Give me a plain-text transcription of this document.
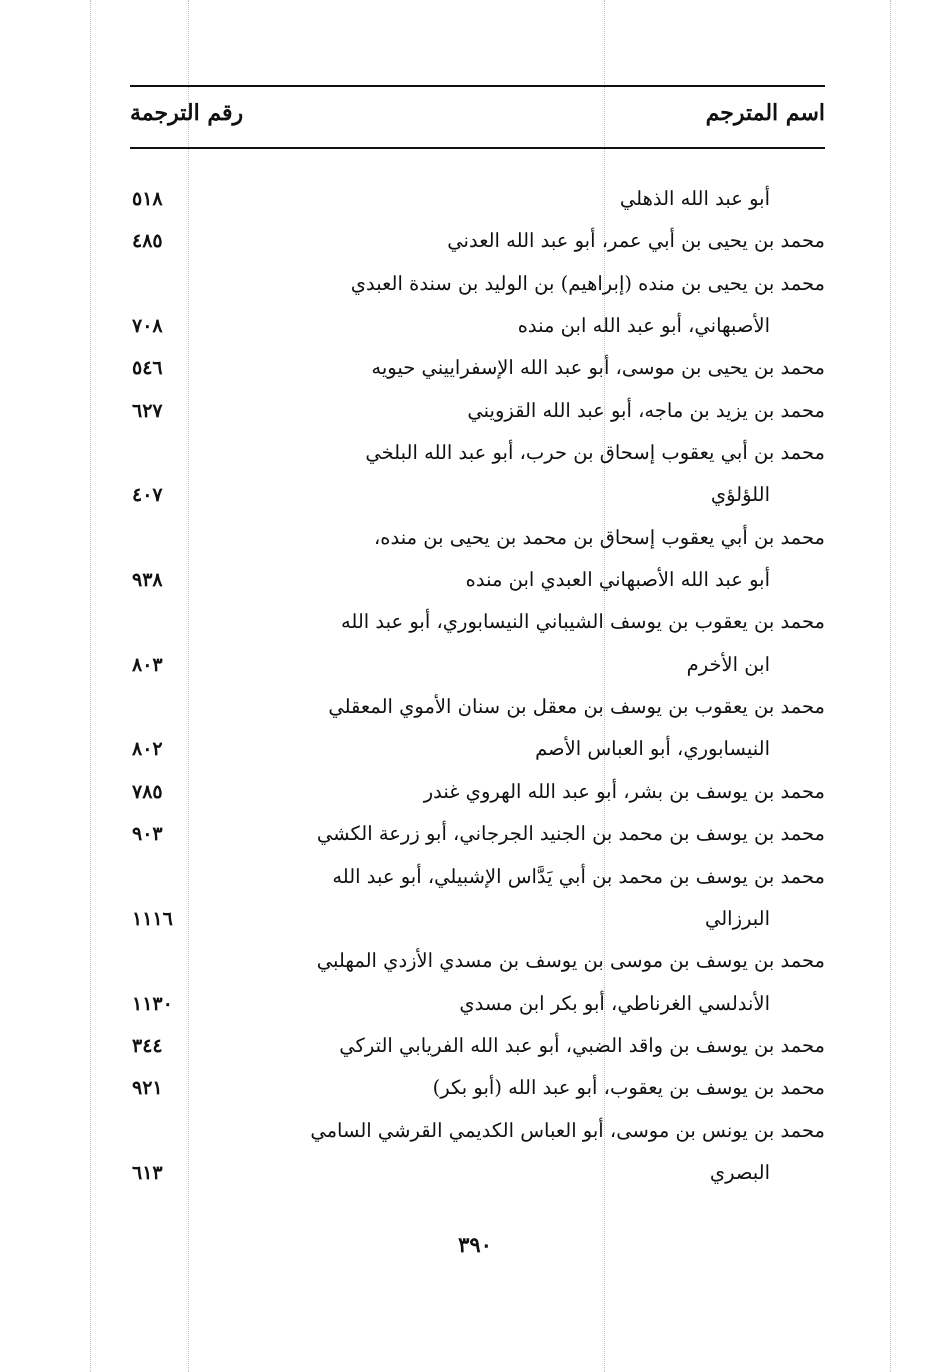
اسم المترجم
رقم الترجمة
أبو عبد الله الذهلي
٥١٨
محمد بن يحيى بن أبي عمر، أبو عبد الله العدني
٤٨٥
محمد بن يحيى بن منده (إبراهيم) بن الوليد بن سندة العبدي
الأصبهاني، أبو عبد الله ابن منده
٧٠٨
محمد بن يحيى بن موسى، أبو عبد الله الإسفراييني حيويه
٥٤٦
محمد بن يزيد بن ماجه، أبو عبد الله القزويني
٦٢٧
محمد بن أبي يعقوب إسحاق بن حرب، أبو عبد الله البلخي
اللؤلؤي
٤٠٧
محمد بن أبي يعقوب إسحاق بن محمد بن يحيى بن منده،
أبو عبد الله الأصبهاني العبدي ابن منده
٩٣٨
محمد بن يعقوب بن يوسف الشيباني النيسابوري، أبو عبد الله
ابن الأخرم
٨٠٣
محمد بن يعقوب بن يوسف بن معقل بن سنان الأموي المعقلي
النيسابوري، أبو العباس الأصم
٨٠٢
محمد بن يوسف بن بشر، أبو عبد الله الهروي غندر
٧٨٥
محمد بن يوسف بن محمد بن الجنيد الجرجاني، أبو زرعة الكشي
٩٠٣
محمد بن يوسف بن محمد بن أبي يَدَّاس الإشبيلي، أبو عبد الله
البرزالي
١١١٦
محمد بن يوسف بن موسى بن يوسف بن مسدي الأزدي المهلبي
الأندلسي الغرناطي، أبو بكر ابن مسدي
١١٣٠
محمد بن يوسف بن واقد الضبي، أبو عبد الله الفريابي التركي
٣٤٤
محمد بن يوسف بن يعقوب، أبو عبد الله (أبو بكر)
٩٢١
محمد بن يونس بن موسى، أبو العباس الكديمي القرشي السامي
البصري
٦١٣
٣٩٠
